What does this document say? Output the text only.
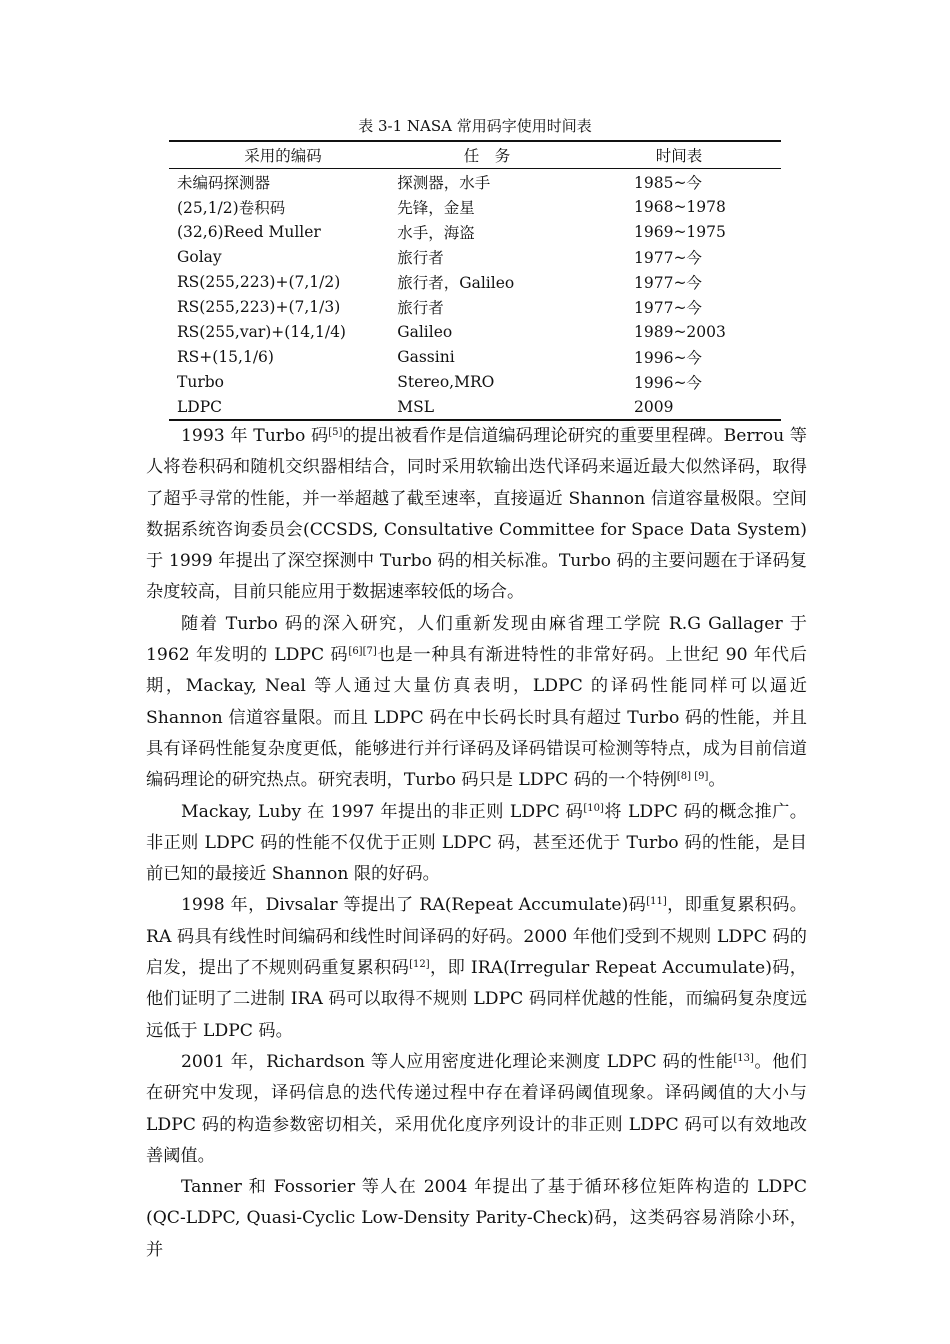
表 3-1 NASA 常用码字使用时间表
采用的编码	任　务	时间表
未编码探测器	探测器，水手	1985~今
(25,1/2)卷积码	先锋，金星	1968~1978
(32,6)Reed Muller	水手，海盗	1969~1975
Golay	旅行者	1977~今
RS(255,223)+(7,1/2)	旅行者，Galileo	1977~今
RS(255,223)+(7,1/3)	旅行者	1977~今
RS(255,var)+(14,1/4)	Galileo	1989~2003
RS+(15,1/6)	Gassini	1996~今
Turbo	Stereo,MRO	1996~今
LDPC	MSL	2009

1993 年 Turbo 码[5]的提出被看作是信道编码理论研究的重要里程碑。Berrou 等人将卷积码和随机交织器相结合，同时采用软输出迭代译码来逼近最大似然译码，取得了超乎寻常的性能，并一举超越了截至速率，直接逼近 Shannon 信道容量极限。空间数据系统咨询委员会(CCSDS, Consultative Committee for Space Data System)于 1999 年提出了深空探测中 Turbo 码的相关标准。Turbo 码的主要问题在于译码复杂度较高，目前只能应用于数据速率较低的场合。

随着 Turbo 码的深入研究，人们重新发现由麻省理工学院 R.G Gallager 于 1962 年发明的 LDPC 码[6][7]也是一种具有渐进特性的非常好码。上世纪 90 年代后期，Mackay, Neal 等人通过大量仿真表明，LDPC 的译码性能同样可以逼近 Shannon 信道容量限。而且 LDPC 码在中长码长时具有超过 Turbo 码的性能，并且具有译码性能复杂度更低，能够进行并行译码及译码错误可检测等特点，成为目前信道编码理论的研究热点。研究表明，Turbo 码只是 LDPC 码的一个特例[8] [9]。

Mackay, Luby 在 1997 年提出的非正则 LDPC 码[10]将 LDPC 码的概念推广。非正则 LDPC 码的性能不仅优于正则 LDPC 码，甚至还优于 Turbo 码的性能，是目前已知的最接近 Shannon 限的好码。

1998 年，Divsalar 等提出了 RA(Repeat Accumulate)码[11]，即重复累积码。RA 码具有线性时间编码和线性时间译码的好码。2000 年他们受到不规则 LDPC 码的启发，提出了不规则码重复累积码[12]，即 IRA(Irregular Repeat Accumulate)码，他们证明了二进制 IRA 码可以取得不规则 LDPC 码同样优越的性能，而编码复杂度远远低于 LDPC 码。

2001 年，Richardson 等人应用密度进化理论来测度 LDPC 码的性能[13]。他们在研究中发现，译码信息的迭代传递过程中存在着译码阈值现象。译码阈值的大小与 LDPC 码的构造参数密切相关，采用优化度序列设计的非正则 LDPC 码可以有效地改善阈值。

Tanner 和 Fossorier 等人在 2004 年提出了基于循环移位矩阵构造的 LDPC (QC-LDPC, Quasi-Cyclic Low-Density Parity-Check)码，这类码容易消除小环，并
